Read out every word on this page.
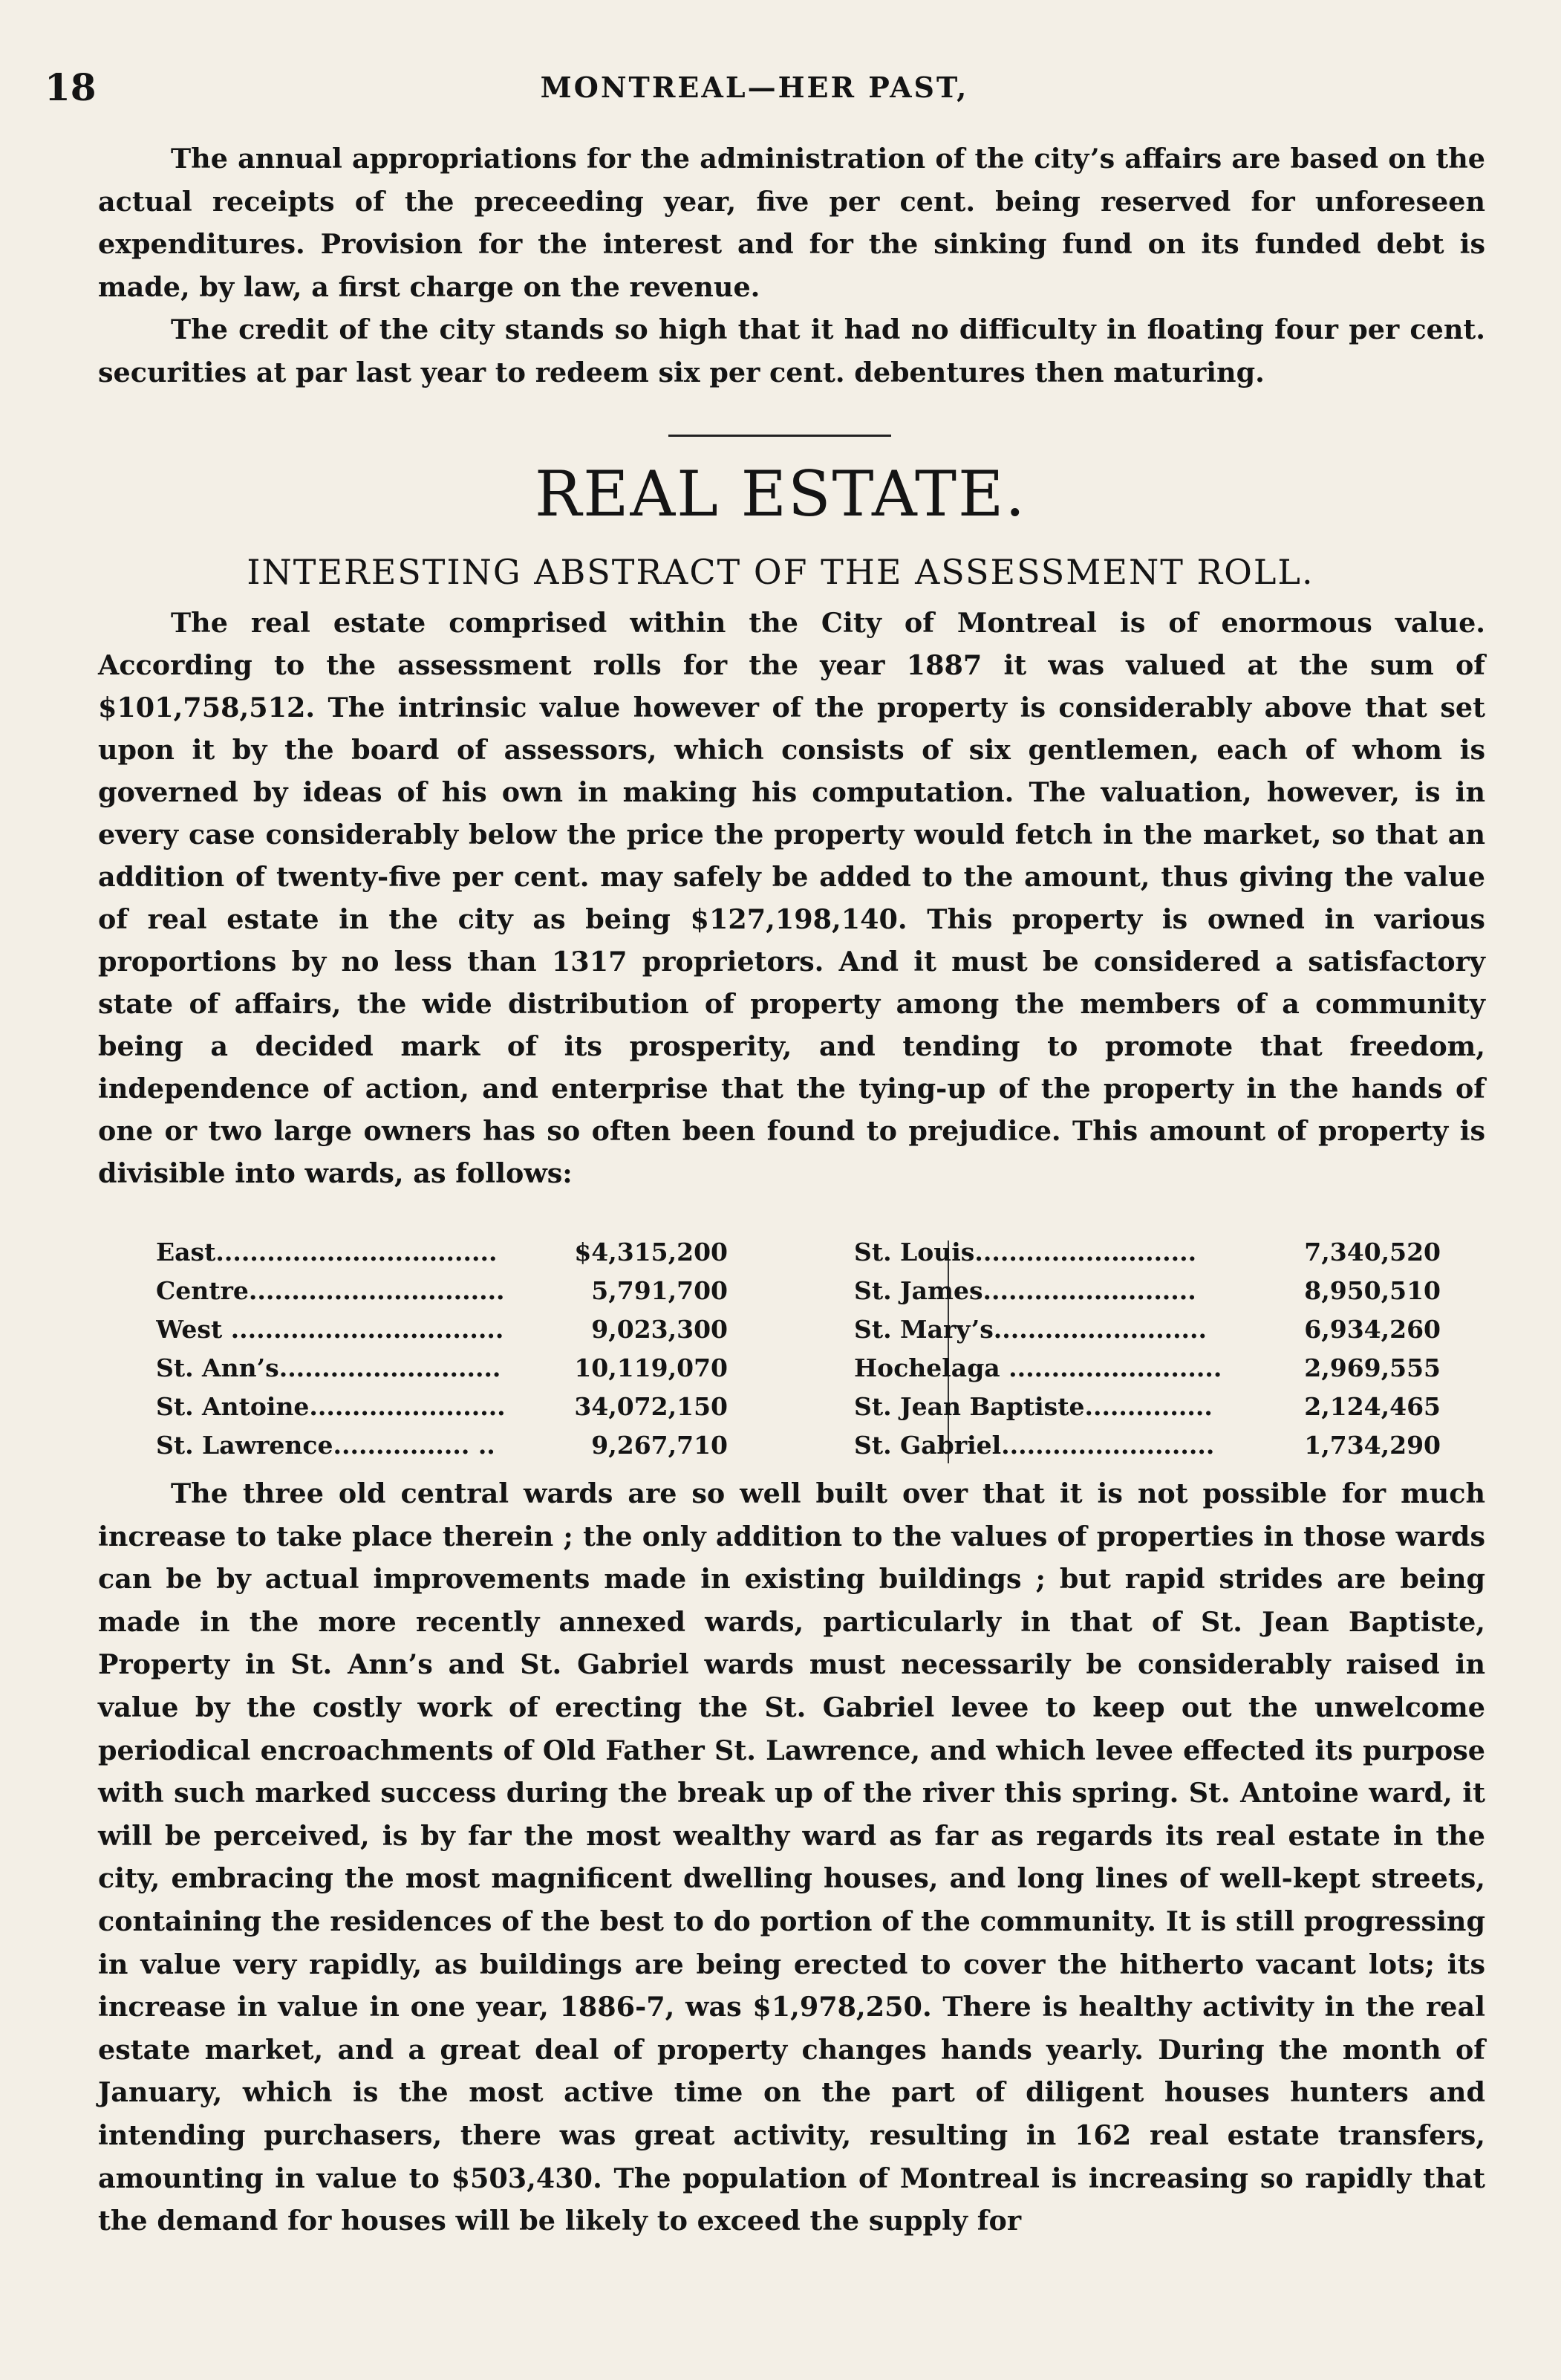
18	MONTREAL—HER PAST,

The annual appropriations for the administration of the city’s affairs are based on the actual receipts of the preceeding year, five per cent. being reserved for unforeseen expenditures. Provision for the interest and for the sinking fund on its funded debt is made, by law, a first charge on the revenue.

The credit of the city stands so high that it had no difficulty in floating four per cent. securities at par last year to redeem six per cent. debentures then maturing.

REAL ESTATE.
INTERESTING ABSTRACT OF THE ASSESSMENT ROLL.

The real estate comprised within the City of Montreal is of enormous value. According to the assessment rolls for the year 1887 it was valued at the sum of $101,758,512. The intrinsic value however of the property is considerably above that set upon it by the board of assessors, which consists of six gentlemen, each of whom is governed by ideas of his own in making his computation. The valuation, however, is in every case considerably below the price the property would fetch in the market, so that an addition of twenty-five per cent. may safely be added to the amount, thus giving the value of real estate in the city as being $127,198,140. This property is owned in various proportions by no less than 1317 proprietors. And it must be considered a satisfactory state of affairs, the wide distribution of property among the members of a community being a decided mark of its prosperity, and tending to promote that freedom, independence of action, and enterprise that the tying-up of the property in the hands of one or two large owners has so often been found to prejudice. This amount of property is divisible into wards, as follows:

East.................................	$4,315,200
Centre..............................	5,791,700
West ................................	9,023,300
St. Ann’s..........................	10,119,070
St. Antoine.......................	34,072,150
St. Lawrence................ ..	9,267,710
St. Louis..........................	7,340,520
St. James.........................	8,950,510
St. Mary’s.........................	6,934,260
Hochelaga .........................	2,969,555
St. Jean Baptiste...............	2,124,465
St. Gabriel.........................	1,734,290

The three old central wards are so well built over that it is not possible for much increase to take place therein ; the only addition to the values of properties in those wards can be by actual improvements made in existing buildings ; but rapid strides are being made in the more recently annexed wards, particularly in that of St. Jean Baptiste, Property in St. Ann’s and St. Gabriel wards must necessarily be considerably raised in value by the costly work of erecting the St. Gabriel levee to keep out the unwelcome periodical encroachments of Old Father St. Lawrence, and which levee effected its purpose with such marked success during the break up of the river this spring. St. Antoine ward, it will be perceived, is by far the most wealthy ward as far as regards its real estate in the city, embracing the most magnificent dwelling houses, and long lines of well-kept streets, containing the residences of the best to do portion of the community. It is still progressing in value very rapidly, as buildings are being erected to cover the hitherto vacant lots; its increase in value in one year, 1886-7, was $1,978,250. There is healthy activity in the real estate market, and a great deal of property changes hands yearly. During the month of January, which is the most active time on the part of diligent houses hunters and intending purchasers, there was great activity, resulting in 162 real estate transfers, amounting in value to $503,430. The population of Montreal is increasing so rapidly that the demand for houses will be likely to exceed the supply for
